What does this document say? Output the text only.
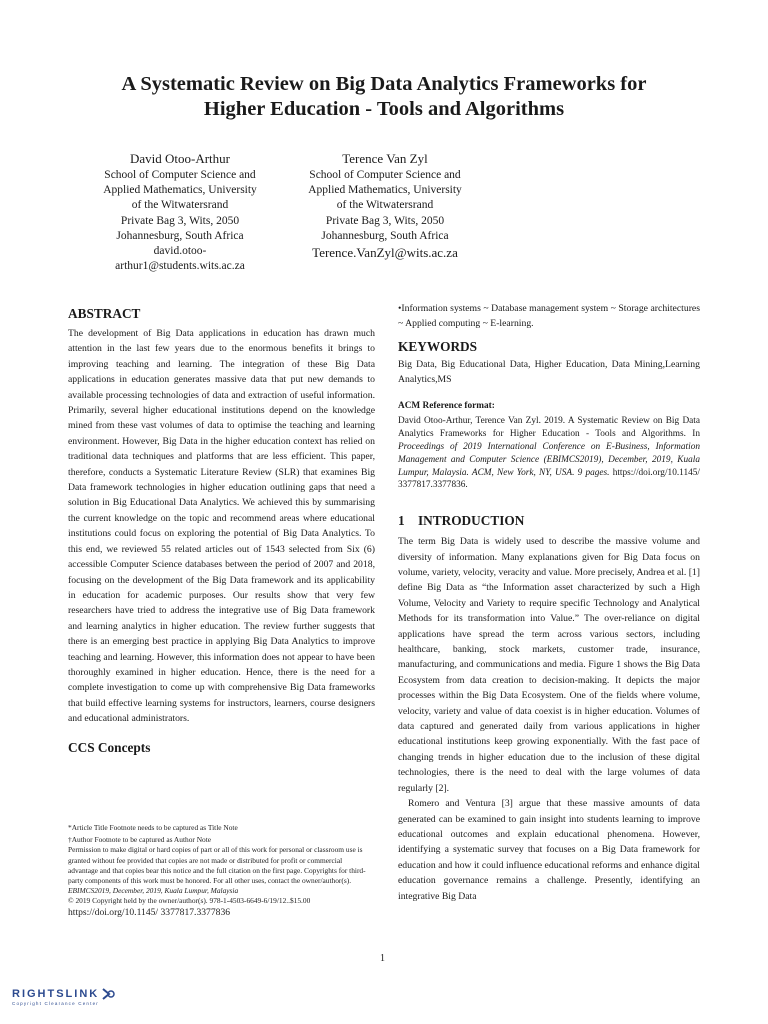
A Systematic Review on Big Data Analytics Frameworks for
Higher Education - Tools and Algorithms
David Otoo-Arthur
School of Computer Science and
Applied Mathematics, University
of the Witwatersrand
Private Bag 3, Wits, 2050
Johannesburg, South Africa
david.otoo-
arthur1@students.wits.ac.za
Terence Van Zyl
School of Computer Science and
Applied Mathematics, University
of the Witwatersrand
Private Bag 3, Wits, 2050
Johannesburg, South Africa
Terence.VanZyl@wits.ac.za
ABSTRACT
The development of Big Data applications in education has drawn much attention in the last few years due to the enormous benefits it brings to improving teaching and learning. The integration of these Big Data applications in education generates massive data that put new demands to available processing technologies of data and extraction of useful information. Primarily, several higher educational institutions depend on the knowledge mined from these vast volumes of data to optimise the teaching and learning environment. However, Big Data in the higher education context has relied on traditional data techniques and platforms that are less efficient. This paper, therefore, conducts a Systematic Literature Review (SLR) that examines Big Data framework technologies in higher education outlining gaps that need a solution in Big Educational Data Analytics. We achieved this by summarising the current knowledge on the topic and recommend areas where educational institutions could focus on exploring the potential of Big Data Analytics. To this end, we reviewed 55 related articles out of 1543 selected from Six (6) accessible Computer Science databases between the period of 2007 and 2018, focusing on the development of the Big Data framework and its applicability in education for academic purposes. Our results show that very few researchers have tried to address the integrative use of Big Data framework and learning analytics in higher education. The review further suggests that there is an emerging best practice in applying Big Data Analytics to improve teaching and learning. However, this information does not appear to have been thoroughly examined in higher education. Hence, there is the need for a complete investigation to come up with comprehensive Big Data frameworks that build effective learning systems for instructors, learners, course designers and educational administrators.
CCS Concepts
*Article Title Footnote needs to be captured as Title Note
†Author Footnote to be captured as Author Note
Permission to make digital or hard copies of part or all of this work for personal or classroom use is granted without fee provided that copies are not made or distributed for profit or commercial advantage and that copies bear this notice and the full citation on the first page. Copyrights for third-party components of this work must be honored. For all other uses, contact the owner/author(s).
EBIMCS2019, December, 2019, Kuala Lumpur, Malaysia
© 2019 Copyright held by the owner/author(s). 978-1-4503-6649-6/19/12..$15.00
https://doi.org/10.1145/ 3377817.3377836
•Information systems ~ Database management system ~ Storage architectures ~ Applied computing ~ E-learning.
KEYWORDS
Big Data, Big Educational Data, Higher Education, Data Mining,Learning Analytics,MS
ACM Reference format:
David Otoo-Arthur, Terence Van Zyl. 2019. A Systematic Review on Big Data Analytics Frameworks for Higher Education - Tools and Algorithms. In Proceedings of 2019 International Conference on E-Business, Information Management and Computer Science (EBIMCS2019), December, 2019, Kuala Lumpur, Malaysia. ACM, New York, NY, USA. 9 pages. https://doi.org/10.1145/ 3377817.3377836.
1 INTRODUCTION
The term Big Data is widely used to describe the massive volume and diversity of information. Many explanations given for Big Data focus on volume, variety, velocity, veracity and value. More precisely, Andrea et al. [1] define Big Data as “the Information asset characterized by such a High Volume, Velocity and Variety to require specific Technology and Analytical Methods for its transformation into Value.” The over-reliance on digital applications have spread the term across various sectors, including healthcare, banking, stock markets, customer trade, insurance, manufacturing, and communications and media. Figure 1 shows the Big Data Ecosystem from data creation to decision-making. It depicts the major processes within the Big Data Ecosystem. One of the fields where volume, velocity, variety and value of data coexist is in higher education. Volumes of data captured and generated daily from various applications in higher educational institutions keep growing exponentially. With the fast pace of changing trends in higher education due to the inclusion of these digital technologies, there is the need to deal with the large volumes of data regularly [2].
Romero and Ventura [3] argue that these massive amounts of data generated can be examined to gain insight into students learning to improve educational outcomes and explain educational phenomena. However, identifying a systematic survey that focuses on a Big Data framework for education and how it could influence educational reforms and enhance digital education governance remains a challenge. Presently, identifying an integrative Big Data
1
RIGHTSLINK
Copyright Clearance Center
